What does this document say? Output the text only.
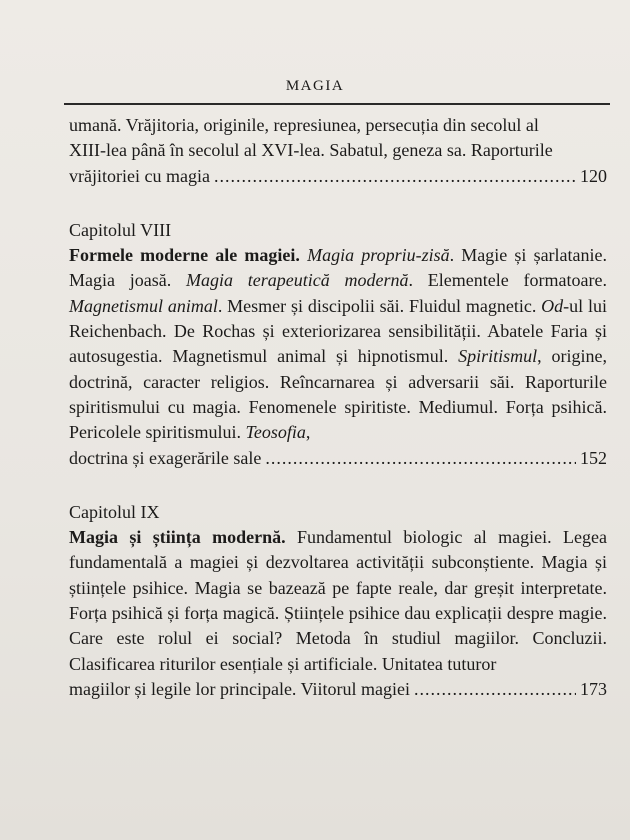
MAGIA
umană. Vrăjitoria, originile, represiunea, persecuția din secolul al
XIII-lea până în secolul al XVI-lea. Sabatul, geneza sa. Raporturile
vrăjitoriei cu magia .....	120
Capitolul VIII
Formele moderne ale magiei. Magia propriu-zisă. Magie și șarlatanie. Magia joasă. Magia terapeutică modernă. Elementele formatoare. Magnetismul animal. Mesmer și discipolii săi. Fluidul magnetic. Od-ul lui Reichenbach. De Rochas și exteriorizarea sensibilității. Abatele Faria și autosugestia. Magnetismul animal și hipnotismul. Spiritismul, origine, doctrină, caracter religios. Reîncarnarea și adversarii săi. Raporturile spiritismului cu magia. Fenomenele spiritiste. Mediumul. Forța psihică. Pericolele spiritismului. Teosofia,
doctrina și exagerările sale .....	152
Capitolul IX
Magia și știința modernă. Fundamentul biologic al magiei. Legea fundamentală a magiei și dezvoltarea activității subconștiente. Magia și științele psihice. Magia se bazează pe fapte reale, dar greșit interpretate. Forța psihică și forța magică. Științele psihice dau explicații despre magie. Care este rolul ei social? Metoda în studiul magiilor. Concluzii. Clasificarea riturilor esențiale și artificiale. Unitatea tuturor
magiilor și legile lor principale. Viitorul magiei .....	173
